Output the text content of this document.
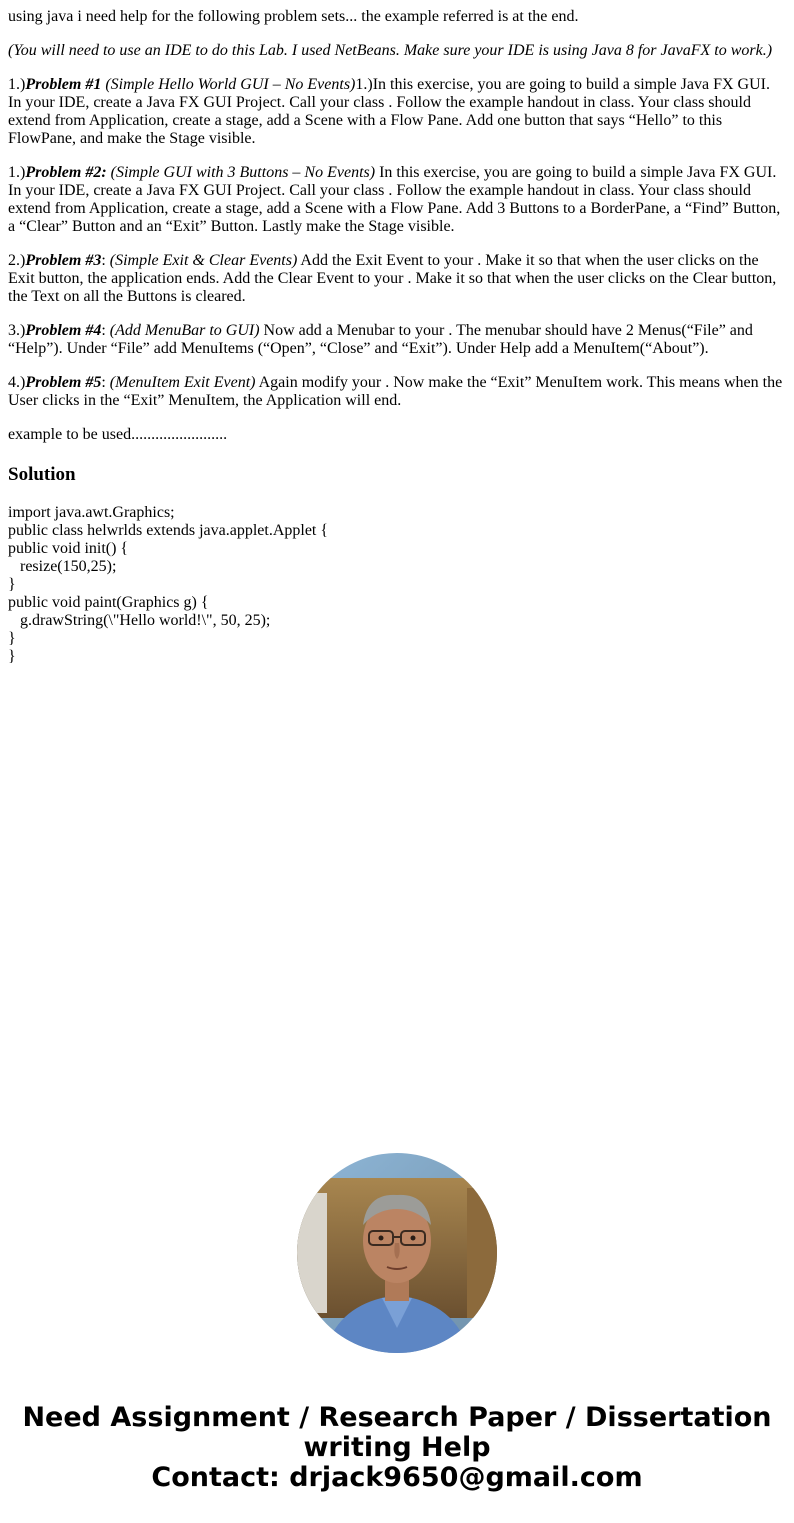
using java i need help for the following problem sets... the example referred is at the end.

(You will need to use an IDE to do this Lab. I used NetBeans. Make sure your IDE is using Java 8 for JavaFX to work.)

1.)Problem #1 (Simple Hello World GUI – No Events)1.)In this exercise, you are going to build a simple Java FX GUI. In your IDE, create a Java FX GUI Project. Call your class . Follow the example handout in class. Your class should extend from Application, create a stage, add a Scene with a Flow Pane. Add one button that says “Hello” to this FlowPane, and make the Stage visible.

1.)Problem #2: (Simple GUI with 3 Buttons – No Events) In this exercise, you are going to build a simple Java FX GUI. In your IDE, create a Java FX GUI Project. Call your class . Follow the example handout in class. Your class should extend from Application, create a stage, add a Scene with a Flow Pane. Add 3 Buttons to a BorderPane, a “Find” Button, a “Clear” Button and an “Exit” Button. Lastly make the Stage visible.

2.)Problem #3: (Simple Exit & Clear Events) Add the Exit Event to your . Make it so that when the user clicks on the Exit button, the application ends. Add the Clear Event to your . Make it so that when the user clicks on the Clear button, the Text on all the Buttons is cleared.

3.)Problem #4: (Add MenuBar to GUI) Now add a Menubar to your . The menubar should have 2 Menus(“File” and “Help”). Under “File” add MenuItems (“Open”, “Close” and “Exit”). Under Help add a MenuItem(“About”).

4.)Problem #5: (MenuItem Exit Event) Again modify your . Now make the “Exit” MenuItem work. This means when the User clicks in the “Exit” MenuItem, the Application will end.

example to be used........................

Solution
import java.awt.Graphics;
public class helwrlds extends java.applet.Applet {
public void init() {
resize(150,25);
}
public void paint(Graphics g) {
g.drawString(\"Hello world!\", 50, 25);
}
}
Need Assignment / Research Paper / Dissertation
writing Help
Contact: drjack9650@gmail.com
